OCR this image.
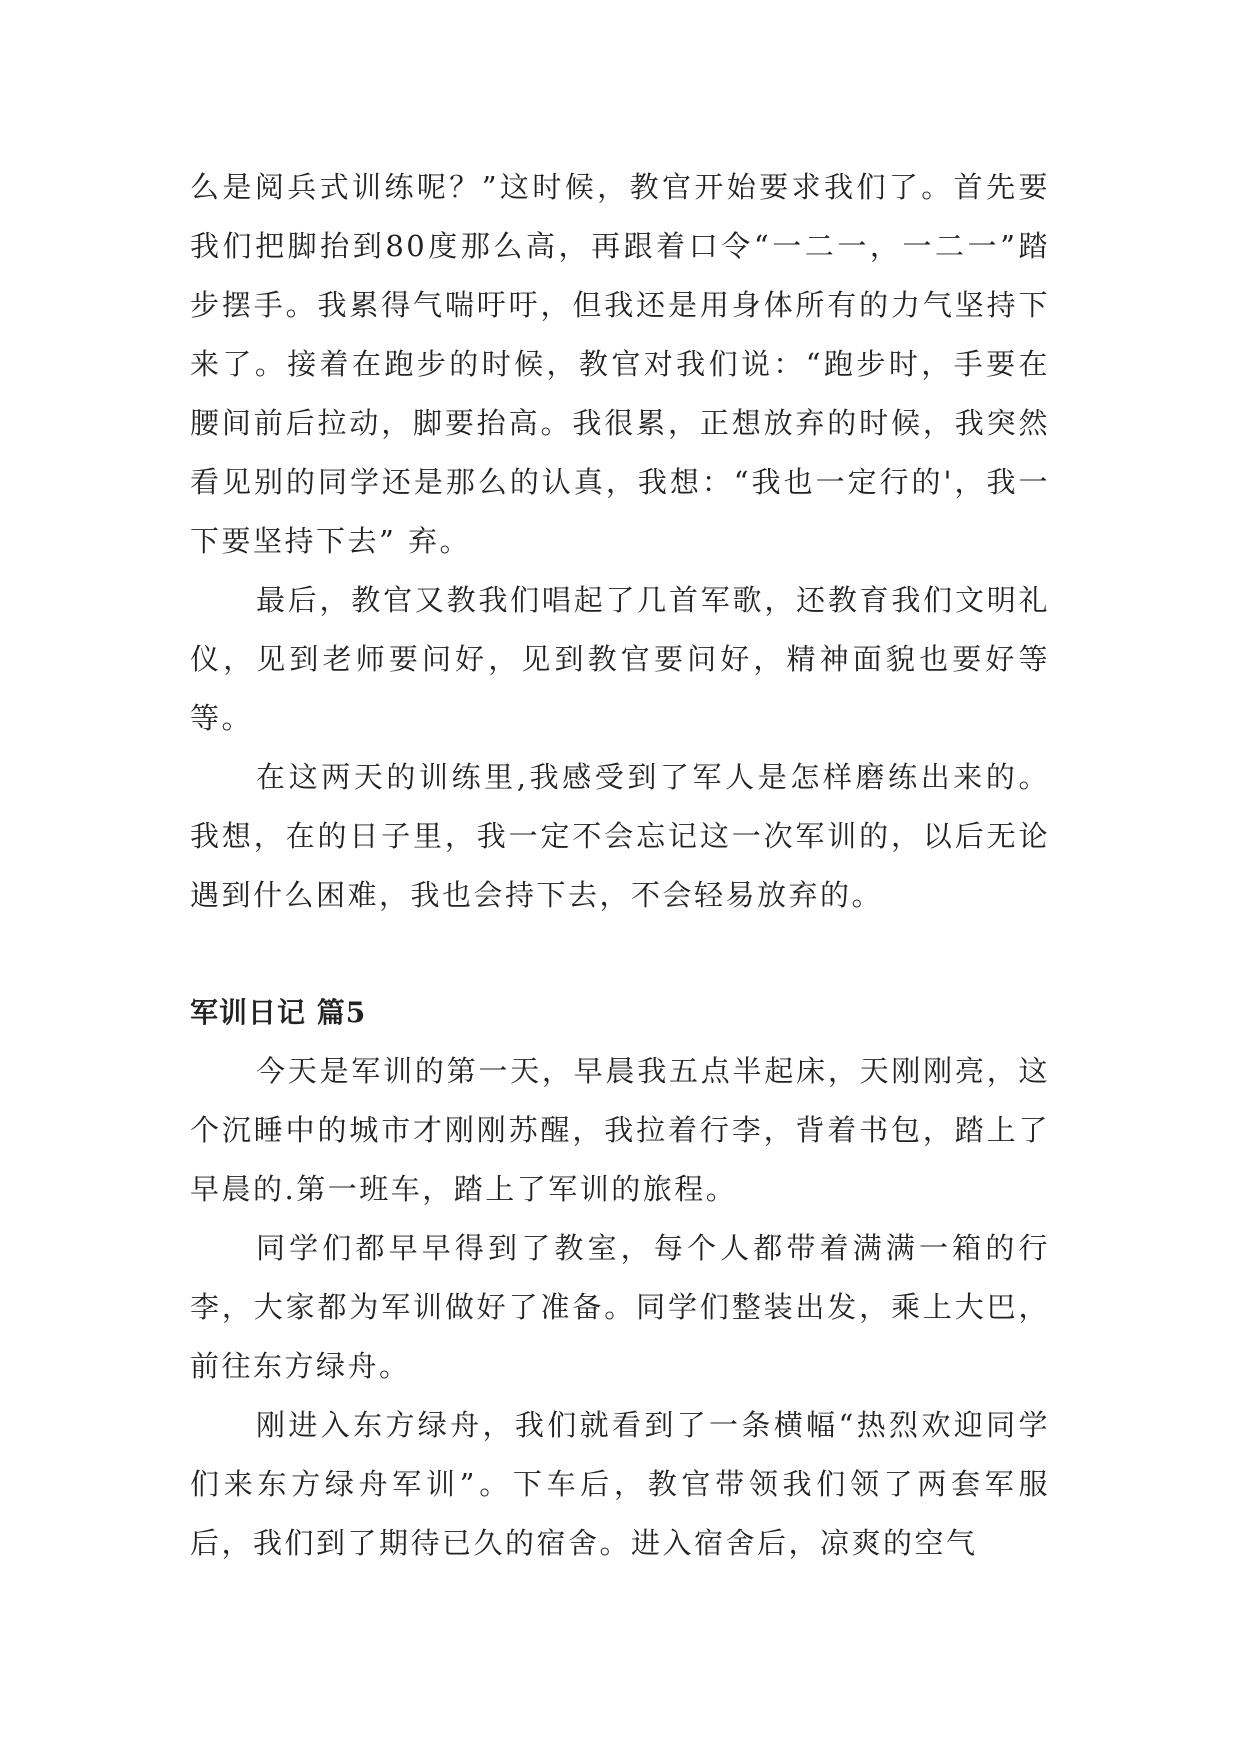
么是阅兵式训练呢？”这时候，教官开始要求我们了。首先要我们把脚抬到80度那么高，再跟着口令“一二一，一二一”踏步摆手。我累得气喘吁吁，但我还是用身体所有的力气坚持下来了。接着在跑步的时候，教官对我们说：“跑步时，手要在腰间前后拉动，脚要抬高。我很累，正想放弃的时候，我突然看见别的同学还是那么的认真，我想：“我也一定行的'，我一下要坚持下去” 弃。

最后，教官又教我们唱起了几首军歌，还教育我们文明礼仪，见到老师要问好，见到教官要问好，精神面貌也要好等等。

在这两天的训练里,我感受到了军人是怎样磨练出来的。我想，在的日子里，我一定不会忘记这一次军训的，以后无论遇到什么困难，我也会持下去，不会轻易放弃的。

军训日记 篇5

今天是军训的第一天，早晨我五点半起床，天刚刚亮，这个沉睡中的城市才刚刚苏醒，我拉着行李，背着书包，踏上了早晨的.第一班车，踏上了军训的旅程。

同学们都早早得到了教室，每个人都带着满满一箱的行李，大家都为军训做好了准备。同学们整装出发，乘上大巴，前往东方绿舟。

刚进入东方绿舟，我们就看到了一条横幅“热烈欢迎同学们来东方绿舟军训”。下车后，教官带领我们领了两套军服后，我们到了期待已久的宿舍。进入宿舍后，凉爽的空气
